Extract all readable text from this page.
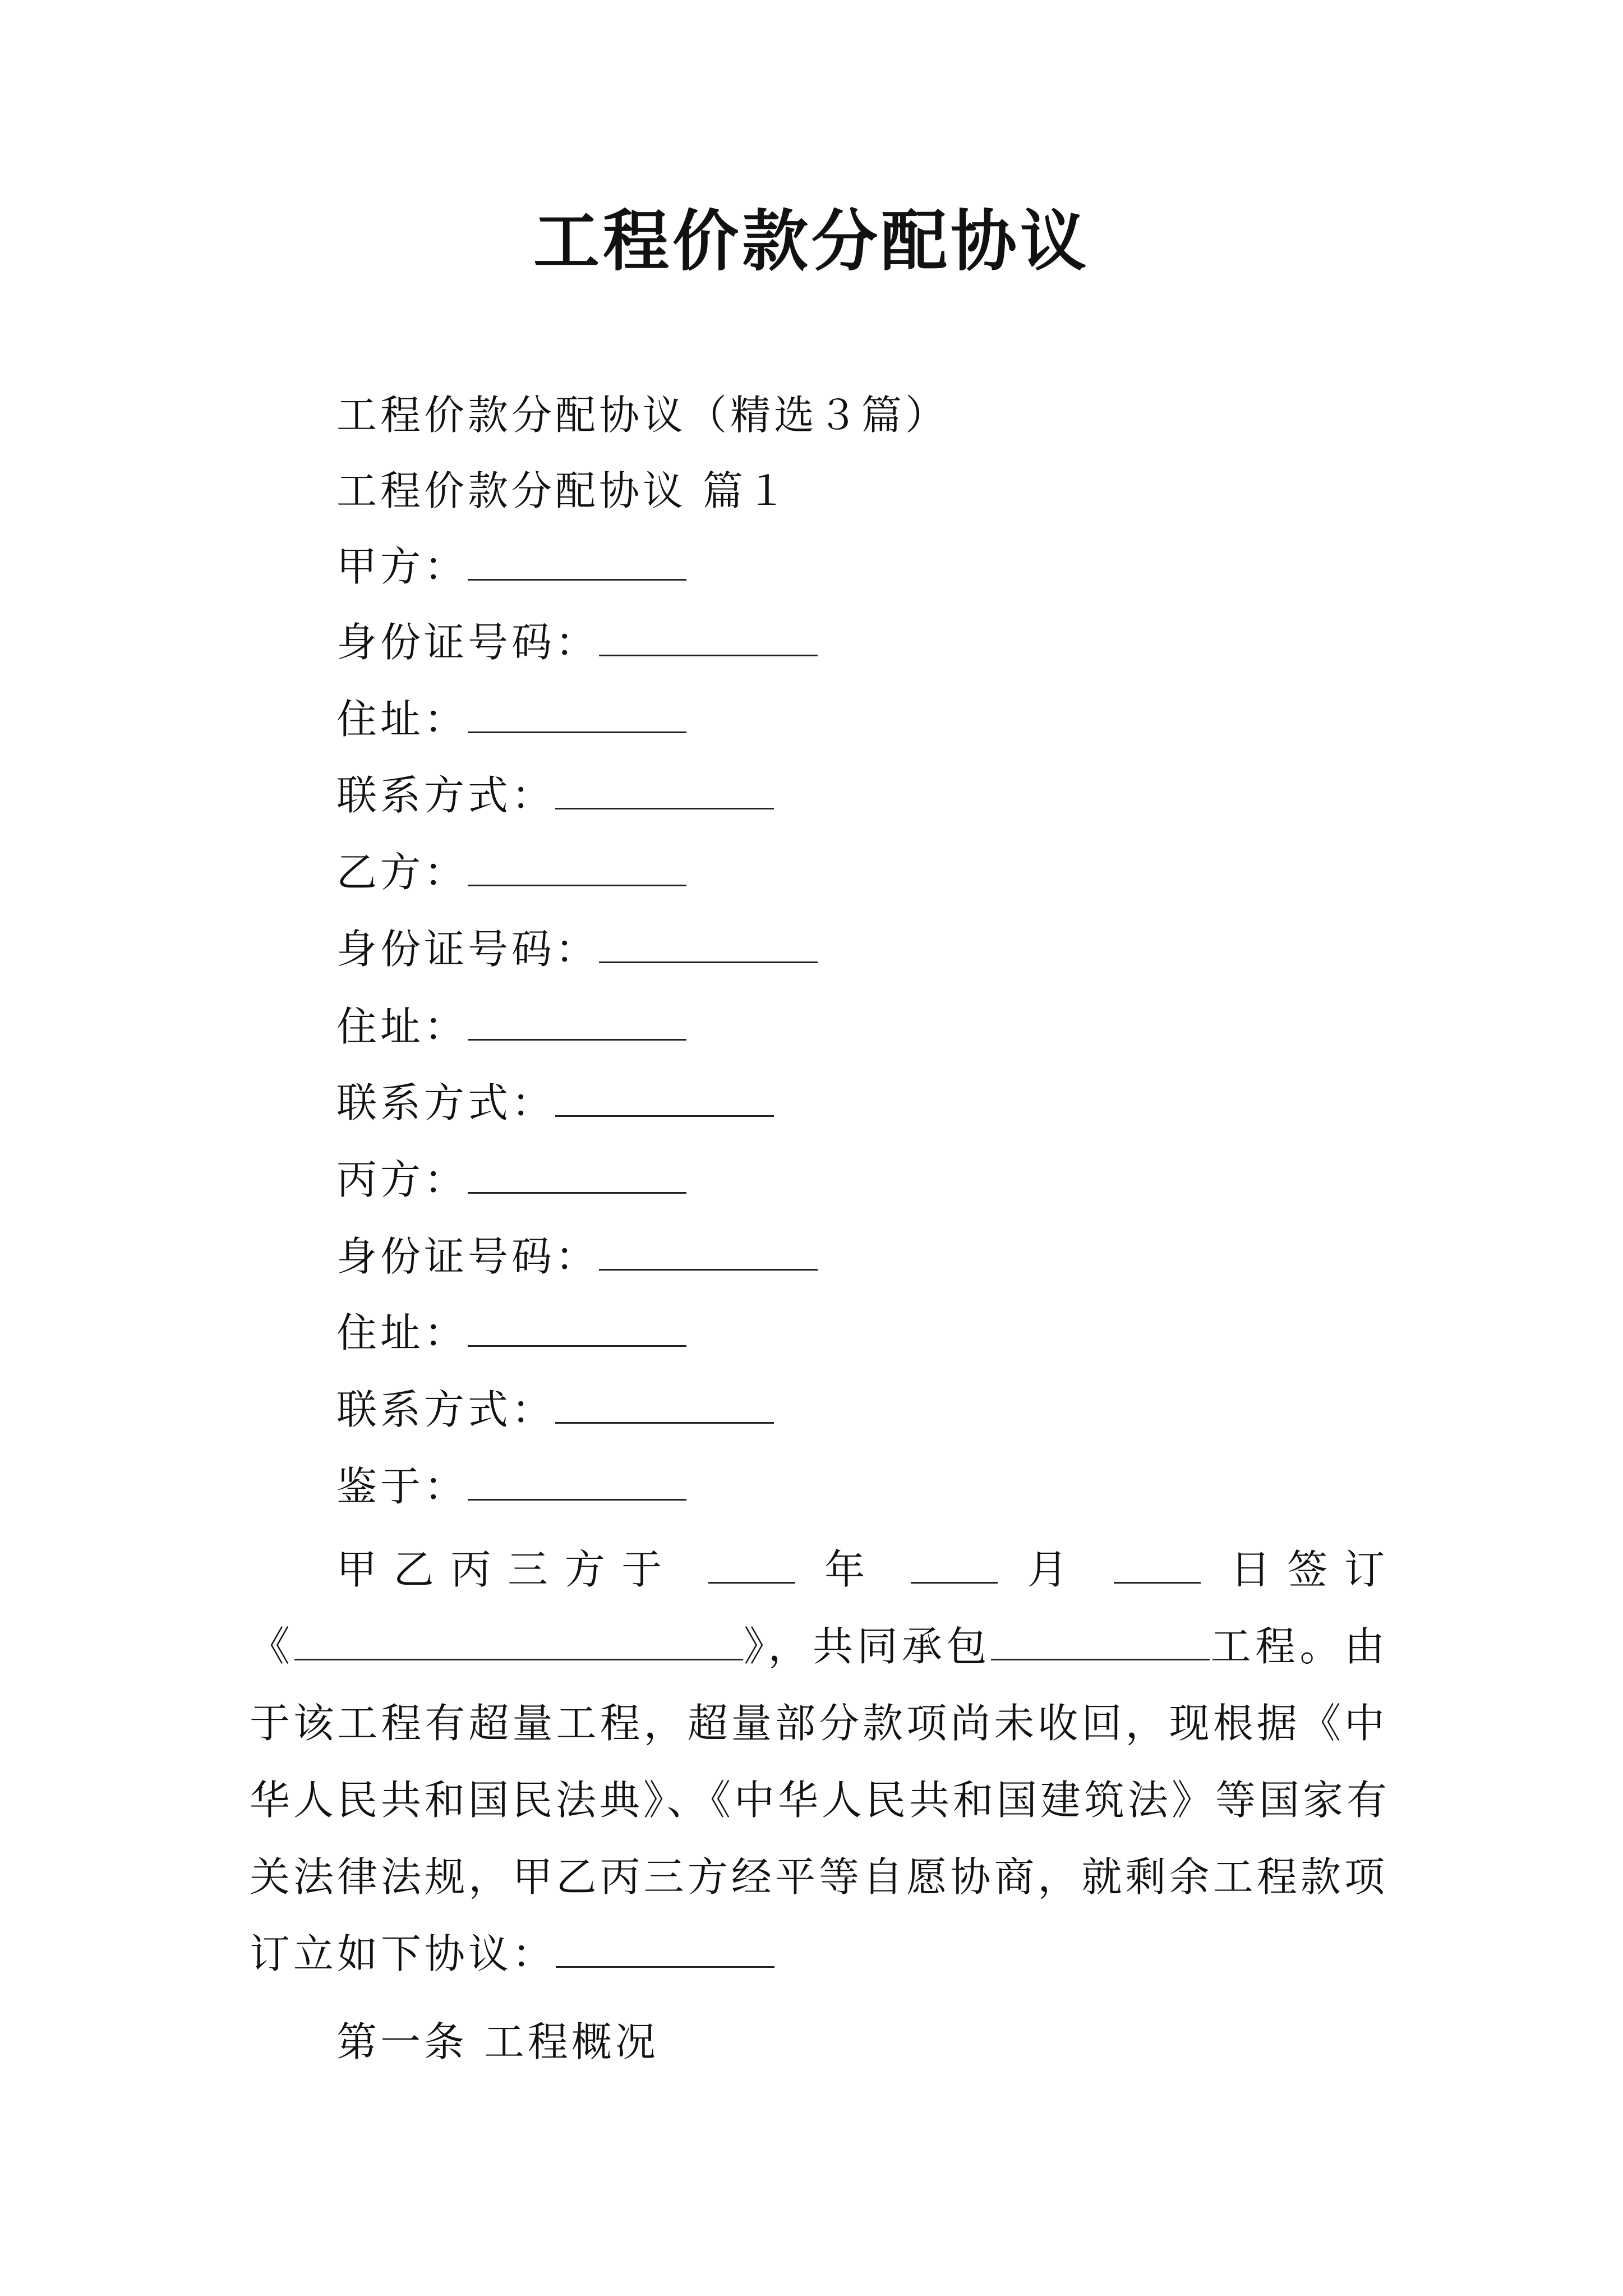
工程价款分配协议
工程价款分配协议（精选３篇）
工程价款分配协议 篇１
甲方：
身份证号码：
住址：
联系方式：
乙方：
身份证号码：
住址：
联系方式：
丙方：
身份证号码：
住址：
联系方式：
鉴于：
甲乙丙三方于	年	月	日签订
《	》，共同承包	工程。由
于该工程有超量工程，超量部分款项尚未收回，现根据《中
华人民共和国民法典》、《中华人民共和国建筑法》等国家有
关法律法规，甲乙丙三方经平等自愿协商，就剩余工程款项
订立如下协议：
第一条 工程概况
